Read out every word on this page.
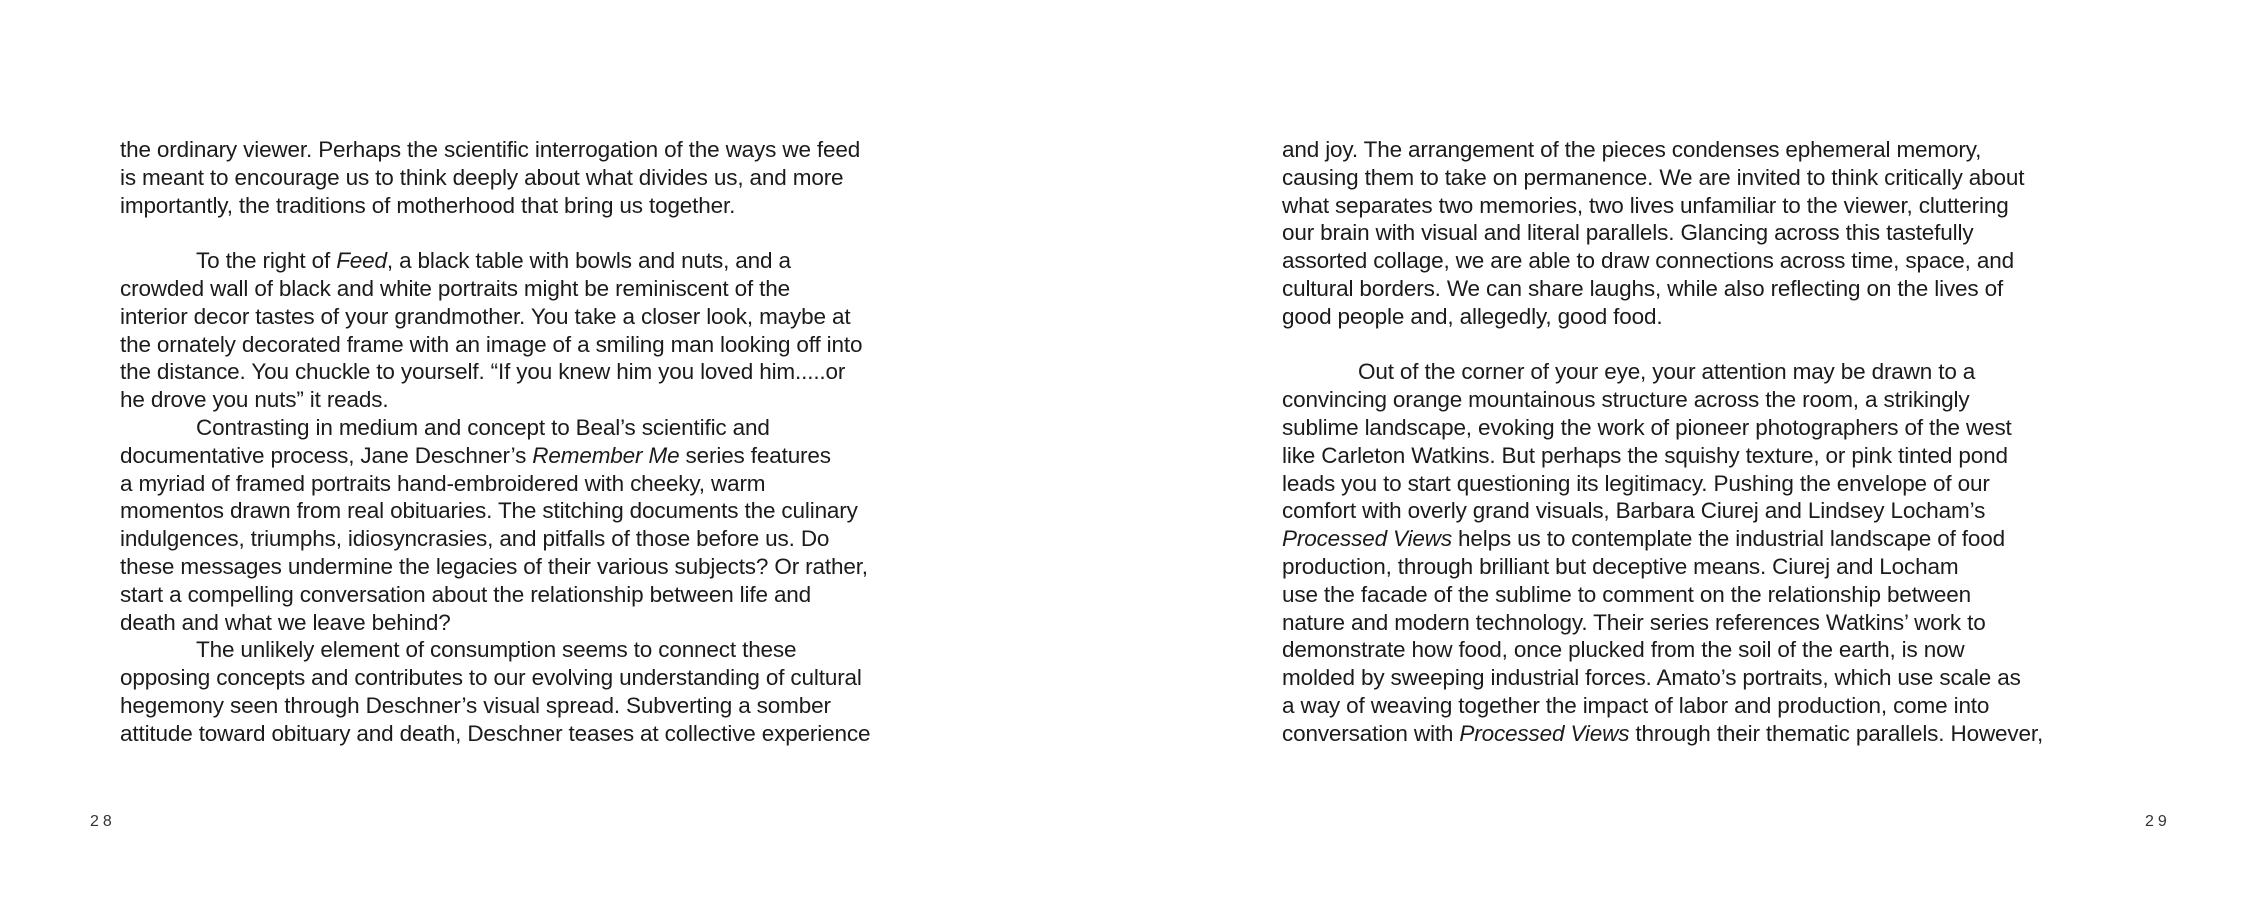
the ordinary viewer. Perhaps the scientific interrogation of the ways we feed
is meant to encourage us to think deeply about what divides us, and more
importantly, the traditions of motherhood that bring us together.
To the right of Feed, a black table with bowls and nuts, and a
crowded wall of black and white portraits might be reminiscent of the
interior decor tastes of your grandmother. You take a closer look, maybe at
the ornately decorated frame with an image of a smiling man looking off into
the distance. You chuckle to yourself. “If you knew him you loved him.....or
he drove you nuts” it reads.
Contrasting in medium and concept to Beal’s scientific and
documentative process, Jane Deschner’s Remember Me series features
a myriad of framed portraits hand-embroidered with cheeky, warm
momentos drawn from real obituaries. The stitching documents the culinary
indulgences, triumphs, idiosyncrasies, and pitfalls of those before us. Do
these messages undermine the legacies of their various subjects? Or rather,
start a compelling conversation about the relationship between life and
death and what we leave behind?
The unlikely element of consumption seems to connect these
opposing concepts and contributes to our evolving understanding of cultural
hegemony seen through Deschner’s visual spread. Subverting a somber
attitude toward obituary and death, Deschner teases at collective experience
28
and joy. The arrangement of the pieces condenses ephemeral memory,
causing them to take on permanence. We are invited to think critically about
what separates two memories, two lives unfamiliar to the viewer, cluttering
our brain with visual and literal parallels. Glancing across this tastefully
assorted collage, we are able to draw connections across time, space, and
cultural borders. We can share laughs, while also reflecting on the lives of
good people and, allegedly, good food.
Out of the corner of your eye, your attention may be drawn to a
convincing orange mountainous structure across the room, a strikingly
sublime landscape, evoking the work of pioneer photographers of the west
like Carleton Watkins. But perhaps the squishy texture, or pink tinted pond
leads you to start questioning its legitimacy. Pushing the envelope of our
comfort with overly grand visuals, Barbara Ciurej and Lindsey Locham’s
Processed Views helps us to contemplate the industrial landscape of food
production, through brilliant but deceptive means. Ciurej and Locham
use the facade of the sublime to comment on the relationship between
nature and modern technology. Their series references Watkins’ work to
demonstrate how food, once plucked from the soil of the earth, is now
molded by sweeping industrial forces. Amato’s portraits, which use scale as
a way of weaving together the impact of labor and production, come into
conversation with Processed Views through their thematic parallels. However,
29
